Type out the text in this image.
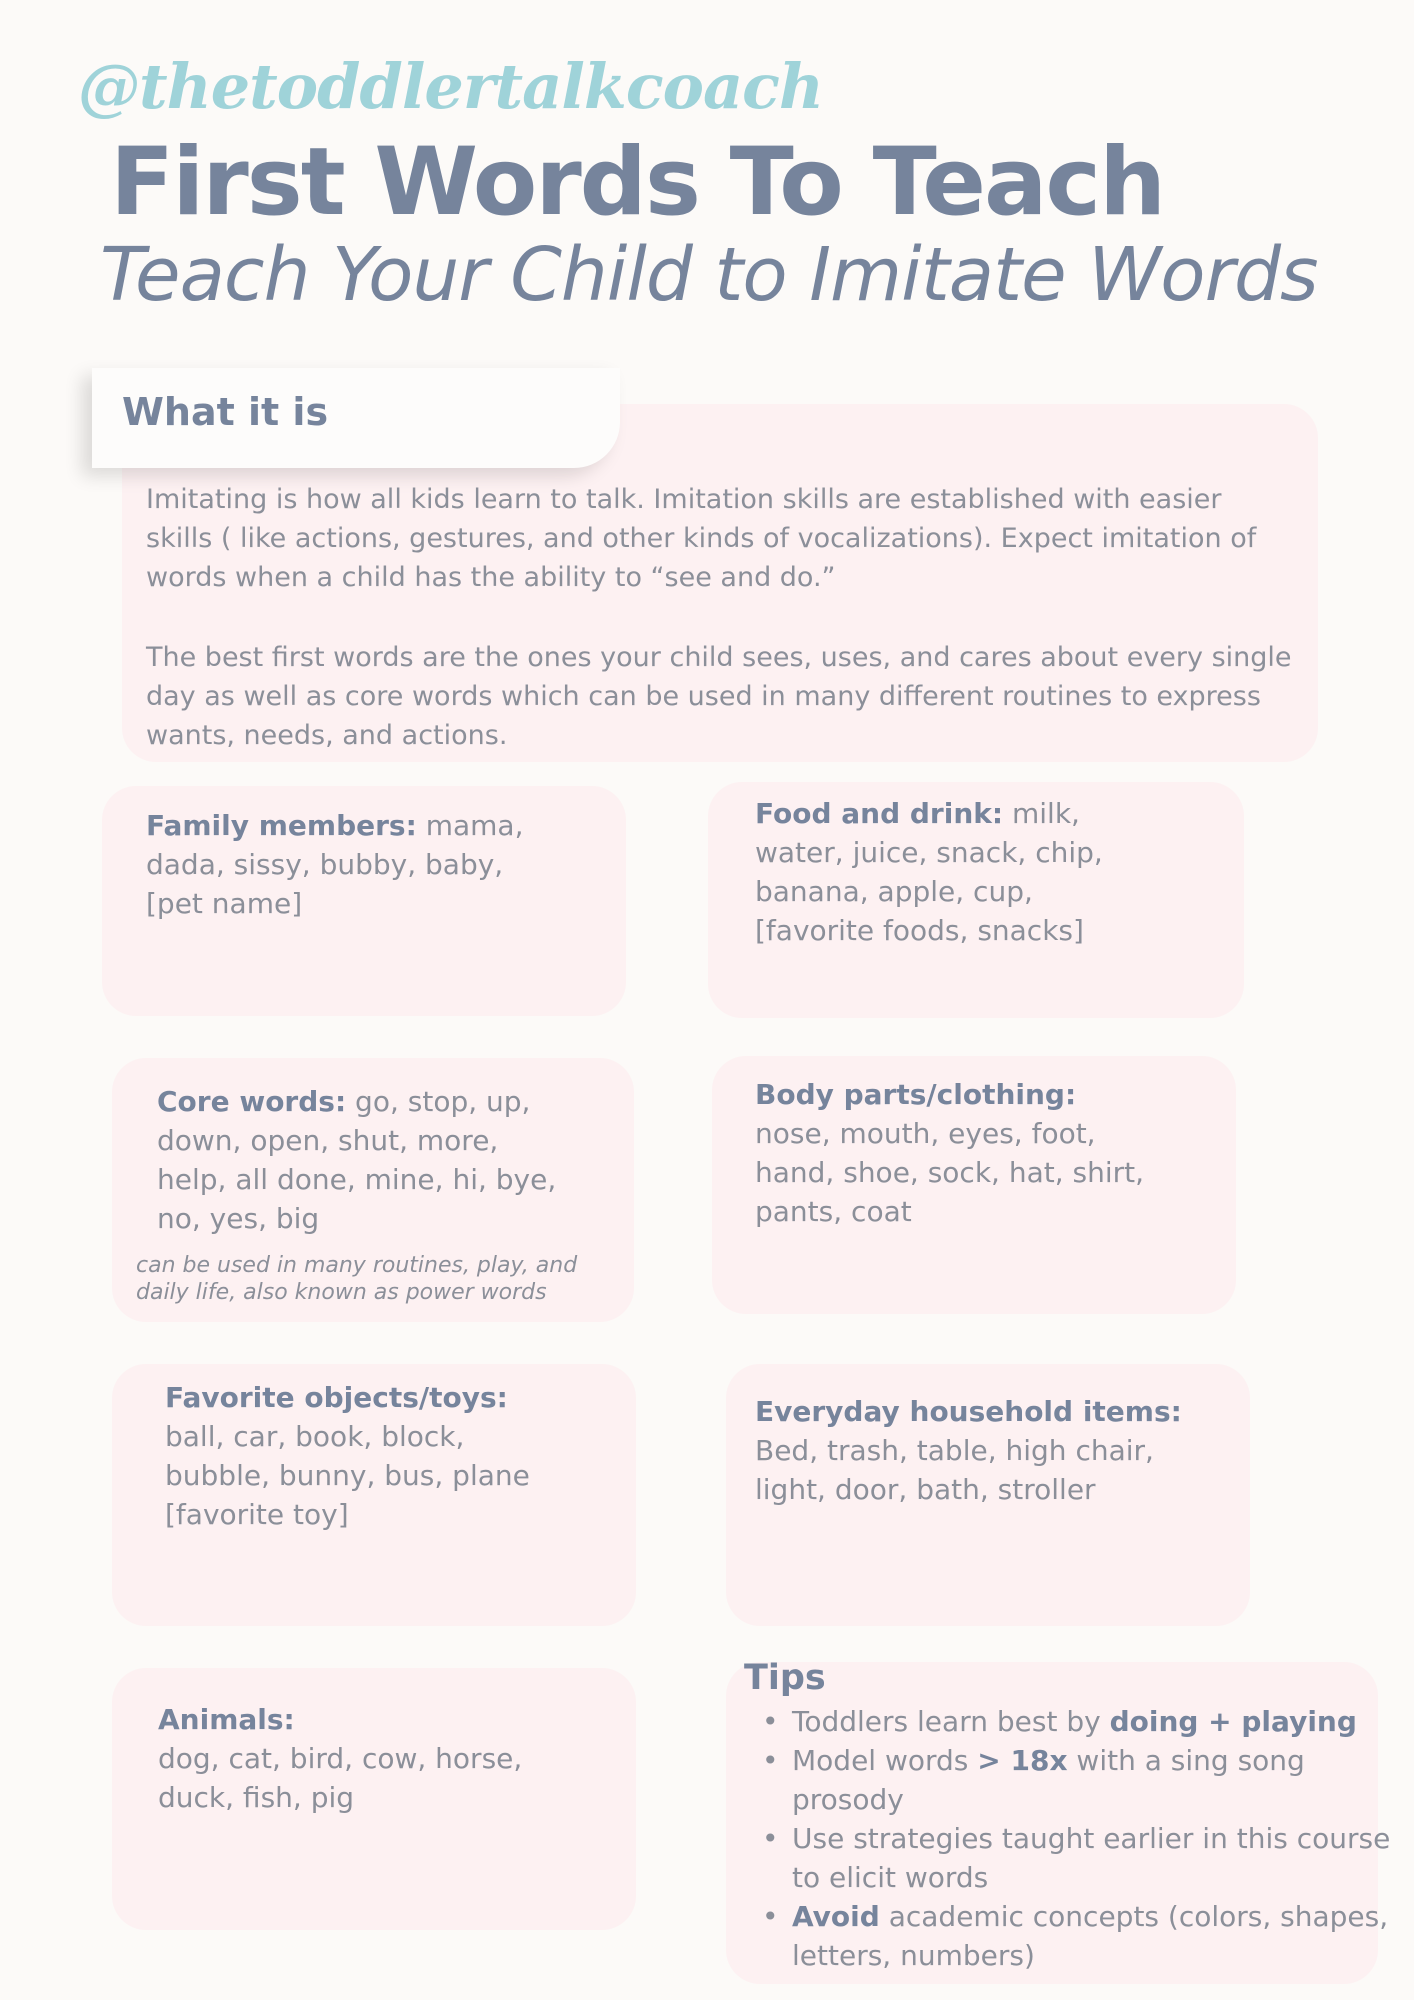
@thetoddlertalkcoach
First Words To Teach
Teach Your Child to Imitate Words
What it is

Imitating is how all kids learn to talk. Imitation skills are established with easier skills ( like actions, gestures, and other kinds of vocalizations). Expect imitation of words when a child has the ability to “see and do.”

The best first words are the ones your child sees, uses, and cares about every single day as well as core words which can be used in many different routines to express wants, needs, and actions.

Family members: mama,
dada, sissy, bubby, baby,
[pet name]
Food and drink: milk,
water, juice, snack, chip,
banana, apple, cup,
[favorite foods, snacks]
Core words: go, stop, up,
down, open, shut, more,
help, all done, mine, hi, bye,
no, yes, big
can be used in many routines, play, and
daily life, also known as power words
Body parts/clothing:
nose, mouth, eyes, foot,
hand, shoe, sock, hat, shirt,
pants, coat
Favorite objects/toys:
ball, car, book, block,
bubble, bunny, bus, plane
[favorite toy]
Everyday household items:
Bed, trash, table, high chair,
light, door, bath, stroller
Animals:
dog, cat, bird, cow, horse,
duck, fish, pig
Tips
• Toddlers learn best by doing + playing
• Model words > 18x with a sing song prosody
• Use strategies taught earlier in this course to elicit words
• Avoid academic concepts (colors, shapes, letters, numbers)
